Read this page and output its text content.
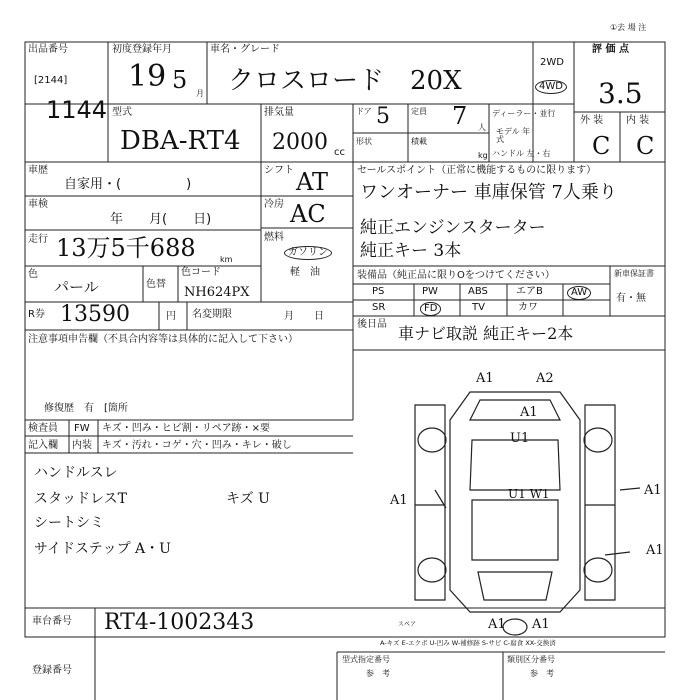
①去 場 注
出品番号
[2144]
1144
初度登録年月
19 5 月
車名・グレード
クロスロード　20X
2WD
4WD
評 価 点
3.5
外 装 内 装
C C
型式
DBA-RT4
排気量
2000 cc
ドア 5
形状
定員 7 人
積載
kg
ディーラー・並行
モデル 年式
ハンドル 左・右
車歴
自家用・(　　　　　)
シフト AT
車検
年　　月(　　日)
冷房 AC
走行 13万5千688	km
燃料
ガソリン
軽　油
色
パール	色替
色コード
NH624PX
R券 13590	円 名変期限	月　　日
セールスポイント（正常に機能するものに限ります）
ワンオーナー 車庫保管 7人乗り
純正エンジンスターター
純正キー 3本
装備品（純正品に限りOをつけてください）
PS	PW	ABS	エアB	AW
SR	FD	TV	カワ
新車保証書
有・無
後日品 車ナビ取説 純正キー2本
注意事項申告欄（不具合内容等は具体的に記入して下さい）
修復歴　有　[箇所
検査員
記入欄
FW
内装
キズ・凹み・ヒビ割・リペア跡・×要
キズ・汚れ・コゲ・穴・凹み・キレ・破し
ハンドルスレ
スタッドレスT
シートシミ
サイドステップ A・U
キズ U
A1	A2
A1
U1
U1 W1
A1
A1
A1
A1 A1
スペア
A-キズ E-エクボ U-凹み W-補修跡 S-サビ C-腐食 XX-交換済
車台番号 RT4-1002343
登録番号
型式指定番号
参　考
類別区分番号
参　考
